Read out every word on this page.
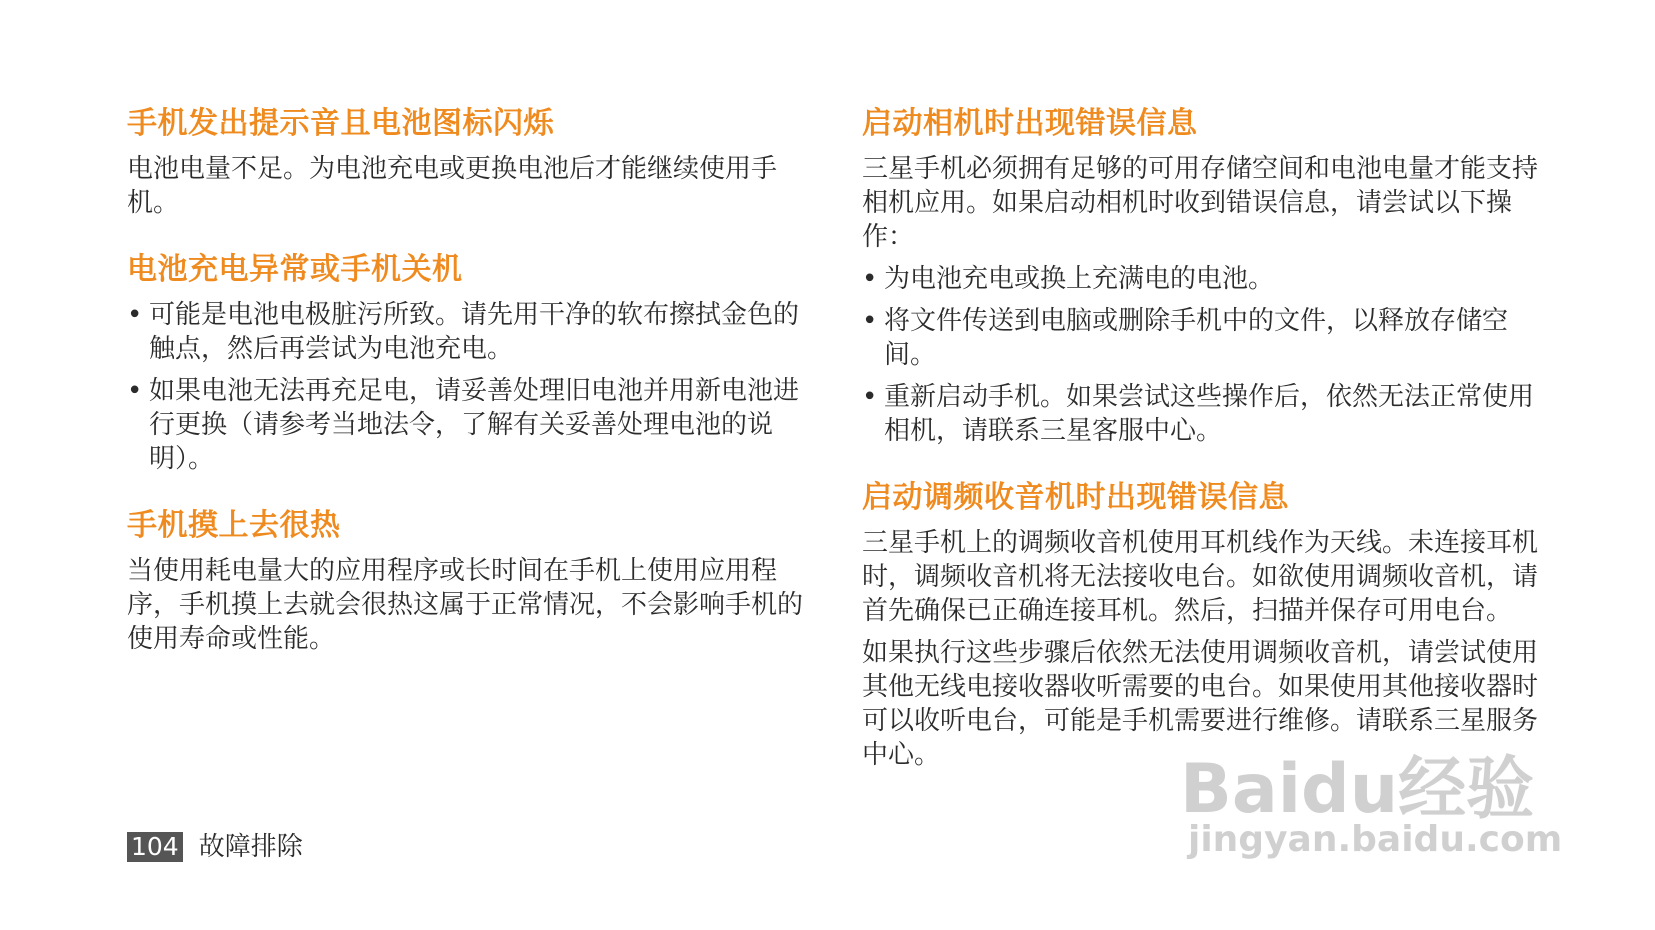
手机发出提示音且电池图标闪烁

电池电量不足。为电池充电或更换电池后才能继续使用手机。

电池充电异常或手机关机
• 可能是电池电极脏污所致。请先用干净的软布擦拭金色的触点，然后再尝试为电池充电。
• 如果电池无法再充足电，请妥善处理旧电池并用新电池进行更换（请参考当地法令，了解有关妥善处理电池的说明）。
手机摸上去很热

当使用耗电量大的应用程序或长时间在手机上使用应用程序，手机摸上去就会很热这属于正常情况，不会影响手机的使用寿命或性能。

启动相机时出现错误信息

三星手机必须拥有足够的可用存储空间和电池电量才能支持相机应用。如果启动相机时收到错误信息，请尝试以下操作：

• 为电池充电或换上充满电的电池。
• 将文件传送到电脑或删除手机中的文件，以释放存储空间。
• 重新启动手机。如果尝试这些操作后，依然无法正常使用相机，请联系三星客服中心。
启动调频收音机时出现错误信息

三星手机上的调频收音机使用耳机线作为天线。未连接耳机时，调频收音机将无法接收电台。如欲使用调频收音机，请首先确保已正确连接耳机。然后，扫描并保存可用电台。

如果执行这些步骤后依然无法使用调频收音机，请尝试使用其他无线电接收器收听需要的电台。如果使用其他接收器时可以收听电台，可能是手机需要进行维修。请联系三星服务中心。

104 故障排除
Baidu经验
jingyan.baidu.com
